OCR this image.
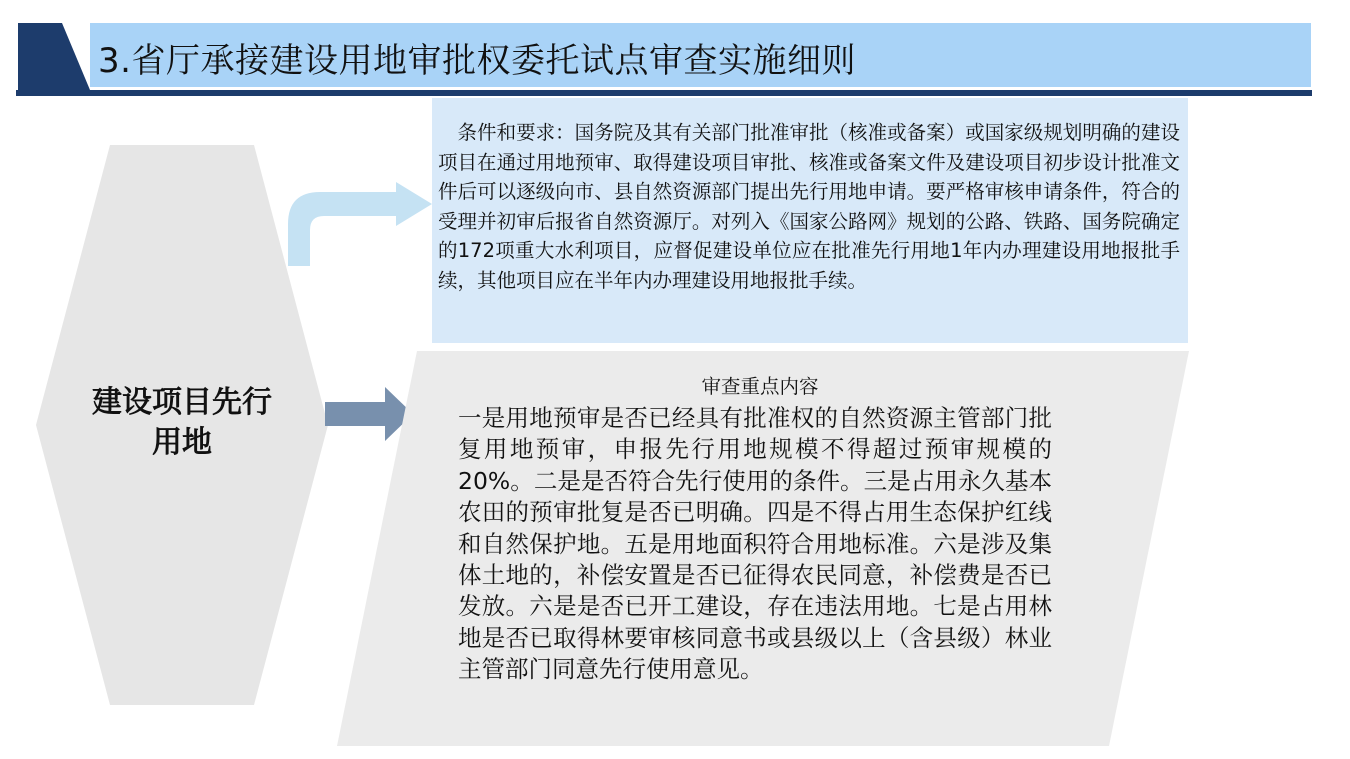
3.省厅承接建设用地审批权委托试点审查实施细则
建设项目先行用地
　条件和要求：国务院及其有关部门批准审批（核准或备案）或国家级规划明确的建设项目在通过用地预审、取得建设项目审批、核准或备案文件及建设项目初步设计批准文件后可以逐级向市、县自然资源部门提出先行用地申请。要严格审核申请条件，符合的受理并初审后报省自然资源厅。对列入《国家公路网》规划的公路、铁路、国务院确定的172项重大水利项目，应督促建设单位应在批准先行用地1年内办理建设用地报批手续，其他项目应在半年内办理建设用地报批手续。
审查重点内容
一是用地预审是否已经具有批准权的自然资源主管部门批复用地预审，申报先行用地规模不得超过预审规模的20%。二是是否符合先行使用的条件。三是占用永久基本农田的预审批复是否已明确。四是不得占用生态保护红线和自然保护地。五是用地面积符合用地标准。六是涉及集体土地的，补偿安置是否已征得农民同意，补偿费是否已发放。六是是否已开工建设，存在违法用地。七是占用林地是否已取得林要审核同意书或县级以上（含县级）林业主管部门同意先行使用意见。
